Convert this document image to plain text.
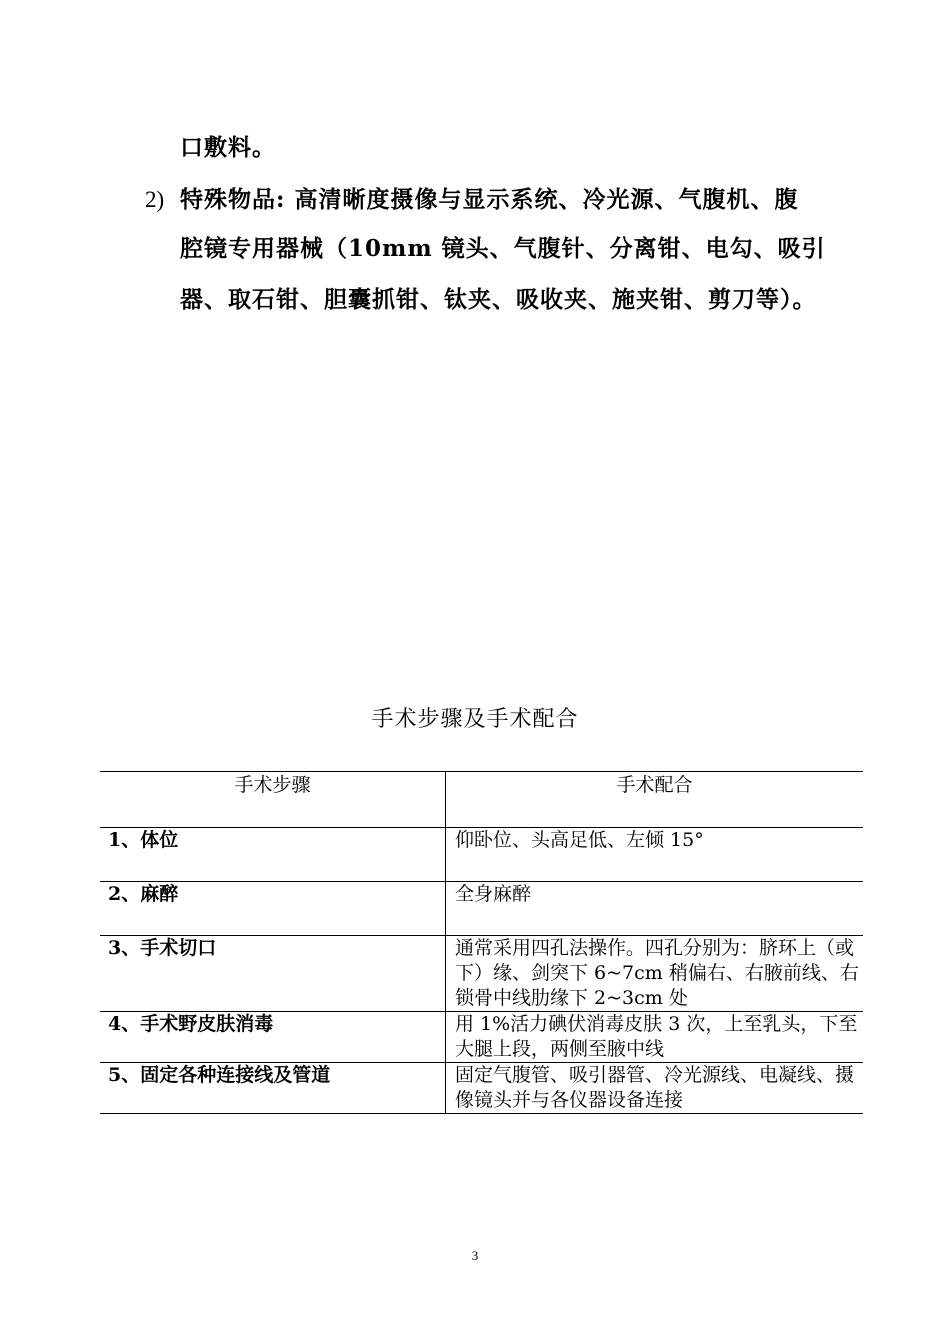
口敷料。
2) 特殊物品: 高清晰度摄像与显示系统、冷光源、气腹机、腹
腔镜专用器械（10mm 镜头、气腹针、分离钳、电勾、吸引
器、取石钳、胆囊抓钳、钛夹、吸收夹、施夹钳、剪刀等）。
手术步骤及手术配合
手术步骤	手术配合

1、体位	仰卧位、头高足低、左倾 15°
2、麻醉	全身麻醉
3、手术切口	通常采用四孔法操作。四孔分别为：脐环上（或下）缘、剑突下 6~7cm 稍偏右、右腋前线、右锁骨中线肋缘下 2~3cm 处
4、手术野皮肤消毒	用 1%活力碘伏消毒皮肤 3 次，上至乳头，下至大腿上段，两侧至腋中线
5、固定各种连接线及管道	固定气腹管、吸引器管、冷光源线、电凝线、摄像镜头并与各仪器设备连接
3
